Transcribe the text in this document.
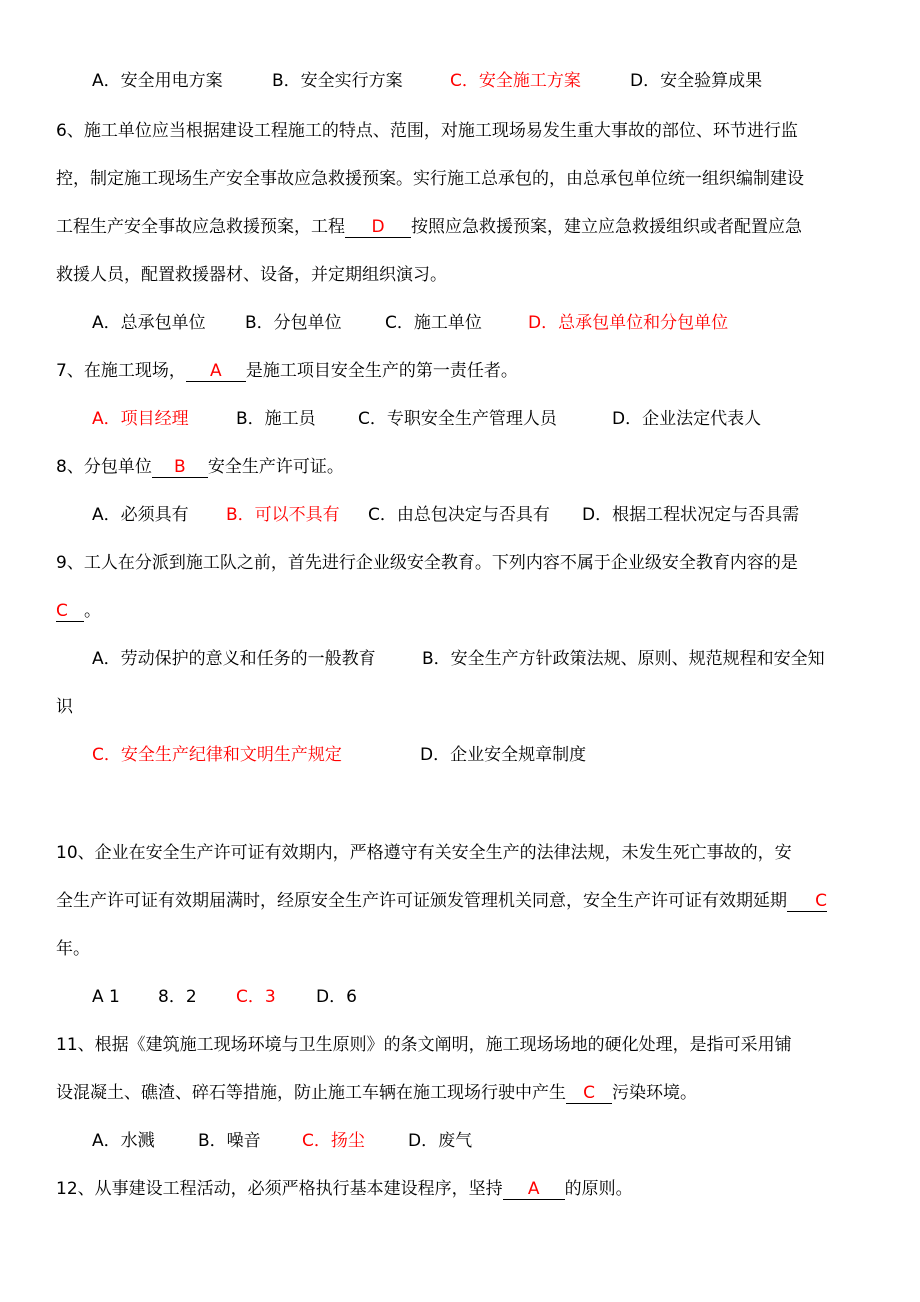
A．安全用电方案	B．安全实行方案	C．安全施工方案	D．安全验算成果
6、施工单位应当根据建设工程施工的特点、范围，对施工现场易发生重大事故的部位、环节进行监
控，制定施工现场生产安全事故应急救援预案。实行施工总承包的，由总承包单位统一组织编制建设
工程生产安全事故应急救援预案，工程 D 按照应急救援预案，建立应急救援组织或者配置应急
救援人员，配置救援器材、设备，并定期组织演习。
A．总承包单位 B．分包单位	C．施工单位	D．总承包单位和分包单位
7、在施工现场， A 是施工项目安全生产的第一责任者。
A．项目经理	B．施工员 C．专职安全生产管理人员	D．企业法定代表人
8、分包单位 B 安全生产许可证。
A．必须具有 B．可以不具有 C．由总包决定与否具有 D．根据工程状况定与否具需
9、工人在分派到施工队之前，首先进行企业级安全教育。下列内容不属于企业级安全教育内容的是
C 。
A．劳动保护的意义和任务的一般教育	B．安全生产方针政策法规、原则、规范规程和安全知
识
C．安全生产纪律和文明生产规定	D．企业安全规章制度
10、企业在安全生产许可证有效期内，严格遵守有关安全生产的法律法规，未发生死亡事故的，安
全生产许可证有效期届满时，经原安全生产许可证颁发管理机关同意，安全生产许可证有效期延期 C
年。
A 1 8．2 C．3 D．6
11、根据《建筑施工现场环境与卫生原则》的条文阐明，施工现场场地的硬化处理，是指可采用铺
设混凝土、礁渣、碎石等措施，防止施工车辆在施工现场行驶中产生 C 污染环境。
A．水溅	B．噪音 C．扬尘	D．废气
12、从事建设工程活动，必须严格执行基本建设程序，坚持 A 的原则。
